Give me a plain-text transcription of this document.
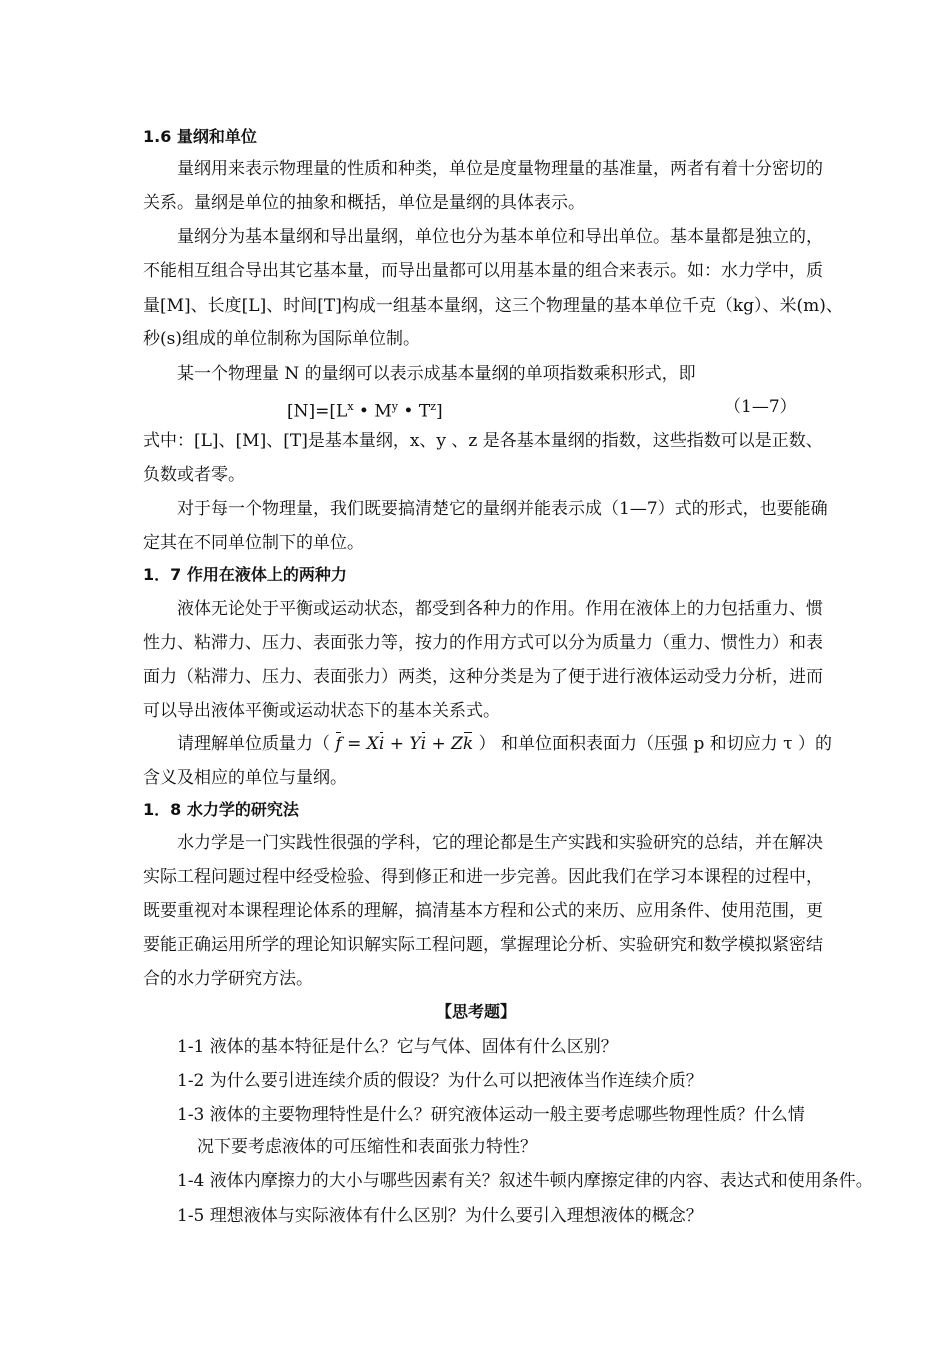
1.6 量纲和单位
量纲用来表示物理量的性质和种类，单位是度量物理量的基准量，两者有着十分密切的
关系。量纲是单位的抽象和概括，单位是量纲的具体表示。
量纲分为基本量纲和导出量纲，单位也分为基本单位和导出单位。基本量都是独立的，
不能相互组合导出其它基本量，而导出量都可以用基本量的组合来表示。如：水力学中，质
量[M]、长度[L]、时间[T]构成一组基本量纲，这三个物理量的基本单位千克（kg）、米(m)、
秒(s)组成的单位制称为国际单位制。
某一个物理量 N 的量纲可以表示成基本量纲的单项指数乘积形式，即
$[N]=[L^x$ • $M^y$ • $T^z$]	（1—7）
式中：[L]、[M]、[T]是基本量纲，x、y 、z 是各基本量纲的指数，这些指数可以是正数、
负数或者零。
对于每一个物理量，我们既要搞清楚它的量纲并能表示成（1—7）式的形式，也要能确
定其在不同单位制下的单位。
1．7 作用在液体上的两种力
液体无论处于平衡或运动状态，都受到各种力的作用。作用在液体上的力包括重力、惯
性力、粘滞力、压力、表面张力等，按力的作用方式可以分为质量力（重力、惯性力）和表
面力（粘滞力、压力、表面张力）两类，这种分类是为了便于进行液体运动受力分析，进而
可以导出液体平衡或运动状态下的基本关系式。
请理解单位质量力（ f = Xi + Yi + Zk ） 和单位面积表面力（压强 p 和切应力 τ ）的
含义及相应的单位与量纲。
1．8 水力学的研究法
水力学是一门实践性很强的学科，它的理论都是生产实践和实验研究的总结，并在解决
实际工程问题过程中经受检验、得到修正和进一步完善。因此我们在学习本课程的过程中，
既要重视对本课程理论体系的理解，搞清基本方程和公式的来历、应用条件、使用范围，更
要能正确运用所学的理论知识解实际工程问题，掌握理论分析、实验研究和数学模拟紧密结
合的水力学研究方法。
【思考题】
1-1 液体的基本特征是什么？它与气体、固体有什么区别？
1-2 为什么要引进连续介质的假设？为什么可以把液体当作连续介质？
1-3 液体的主要物理特性是什么？研究液体运动一般主要考虑哪些物理性质？什么情
况下要考虑液体的可压缩性和表面张力特性？
1-4 液体内摩擦力的大小与哪些因素有关？叙述牛顿内摩擦定律的内容、表达式和使用条件。
1-5 理想液体与实际液体有什么区别？为什么要引入理想液体的概念？
